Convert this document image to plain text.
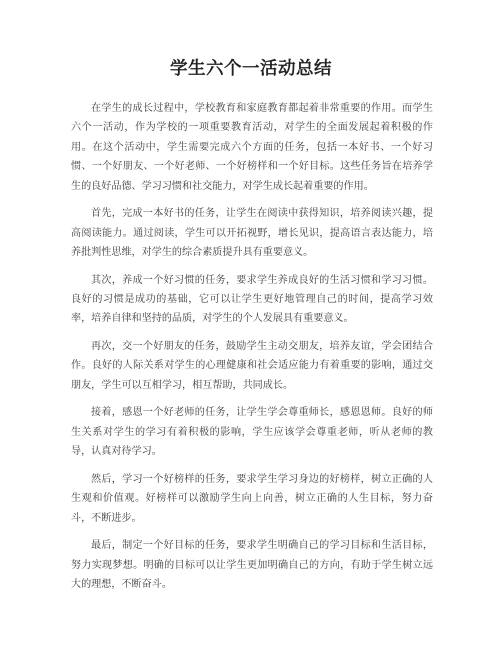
学生六个一活动总结

在学生的成长过程中，学校教育和家庭教育都起着非常重要的作用。而学生六个一活动，作为学校的一项重要教育活动，对学生的全面发展起着积极的作用。在这个活动中，学生需要完成六个方面的任务，包括一本好书、一个好习惯、一个好朋友、一个好老师、一个好榜样和一个好目标。这些任务旨在培养学生的良好品德、学习习惯和社交能力，对学生成长起着重要的作用。

首先，完成一本好书的任务，让学生在阅读中获得知识，培养阅读兴趣，提高阅读能力。通过阅读，学生可以开拓视野，增长见识，提高语言表达能力，培养批判性思维，对学生的综合素质提升具有重要意义。

其次，养成一个好习惯的任务，要求学生养成良好的生活习惯和学习习惯。良好的习惯是成功的基础，它可以让学生更好地管理自己的时间，提高学习效率，培养自律和坚持的品质，对学生的个人发展具有重要意义。

再次，交一个好朋友的任务，鼓励学生主动交朋友，培养友谊，学会团结合作。良好的人际关系对学生的心理健康和社会适应能力有着重要的影响，通过交朋友，学生可以互相学习，相互帮助，共同成长。

接着，感恩一个好老师的任务，让学生学会尊重师长，感恩恩师。良好的师生关系对学生的学习有着积极的影响，学生应该学会尊重老师，听从老师的教导，认真对待学习。

然后，学习一个好榜样的任务，要求学生学习身边的好榜样，树立正确的人生观和价值观。好榜样可以激励学生向上向善，树立正确的人生目标，努力奋斗，不断进步。

最后，制定一个好目标的任务，要求学生明确自己的学习目标和生活目标，努力实现梦想。明确的目标可以让学生更加明确自己的方向，有助于学生树立远大的理想，不断奋斗。
